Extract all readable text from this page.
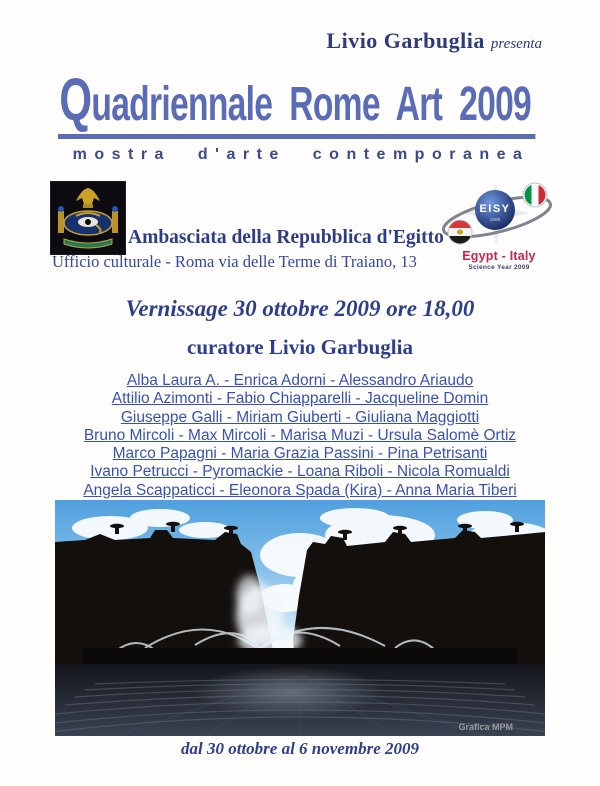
Livio Garbuglia presenta
Quadriennale Rome Art 2009
mostra d'arte contemporanea
Ambasciata della Repubblica d'Egitto
Ufficio culturale - Roma via delle Terme di Traiano, 13
EISY
2009
Egypt - Italy
Science Year 2009
Vernissage 30 ottobre 2009 ore 18,00
curatore Livio Garbuglia
Alba Laura A. - Enrica Adorni - Alessandro Ariaudo
Attilio Azimonti - Fabio Chiapparelli - Jacqueline Domin
Giuseppe Galli - Miriam Giuberti - Giuliana Maggiotti
Bruno Mircoli - Max Mircoli - Marisa Muzi - Ursula Salomè Ortiz
Marco Papagni - Maria Grazia Passini - Pina Petrisanti
Ivano Petrucci - Pyromackie - Loana Riboli - Nicola Romualdi
Angela Scappaticci - Eleonora Spada (Kira) - Anna Maria Tiberi
Grafica MPM
dal 30 ottobre al 6 novembre 2009
